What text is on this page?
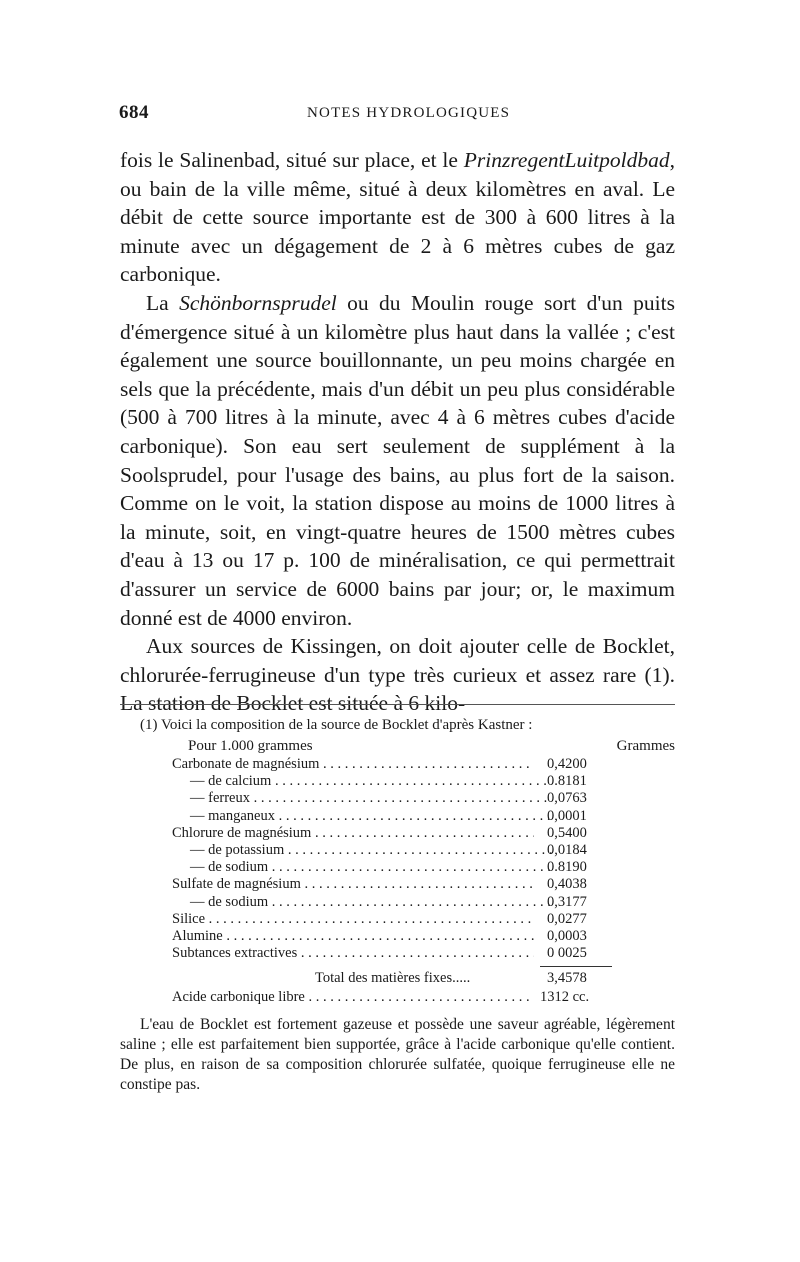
684	NOTES HYDROLOGIQUES

fois le Salinenbad, situé sur place, et le PrinzregentLuitpoldbad, ou bain de la ville même, situé à deux kilomètres en aval. Le débit de cette source importante est de 300 à 600 litres à la minute avec un dégagement de 2 à 6 mètres cubes de gaz carbonique.

La Schönbornsprudel ou du Moulin rouge sort d'un puits d'émergence situé à un kilomètre plus haut dans la vallée ; c'est également une source bouillonnante, un peu moins chargée en sels que la précédente, mais d'un débit un peu plus considérable (500 à 700 litres à la minute, avec 4 à 6 mètres cubes d'acide carbonique). Son eau sert seulement de supplément à la Soolsprudel, pour l'usage des bains, au plus fort de la saison. Comme on le voit, la station dispose au moins de 1000 litres à la minute, soit, en vingt-quatre heures de 1500 mètres cubes d'eau à 13 ou 17 p. 100 de minéralisation, ce qui permettrait d'assurer un service de 6000 bains par jour; or, le maximum donné est de 4000 environ.

Aux sources de Kissingen, on doit ajouter celle de Bocklet, chlorurée-ferrugineuse d'un type très curieux et assez rare (1). La station de Bocklet est située à 6 kilo-

(1) Voici la composition de la source de Bocklet d'après Kastner :
Pour 1.000 grammes	Grammes
Carbonate de magnésium . . .	0,4200
— de calcium . . .	0.8181
— ferreux . . .	0,0763
— manganeux . . .	0,0001
Chlorure de magnésium . . .	0,5400
— de potassium . . .	0,0184
— de sodium . . .	0.8190
Sulfate de magnésium . . .	0,4038
— de sodium . . .	0,3177
Silice . . .	0,0277
Alumine . . .	0,0003
Subtances extractives . . .	0 0025
Total des matières fixes.....	3,4578
Acide carbonique libre . . .	1312 cc.

L'eau de Bocklet est fortement gazeuse et possède une saveur agréable, légèrement saline ; elle est parfaitement bien supportée, grâce à l'acide carbonique qu'elle contient. De plus, en raison de sa composition chlorurée sulfatée, quoique ferrugineuse elle ne constipe pas.
